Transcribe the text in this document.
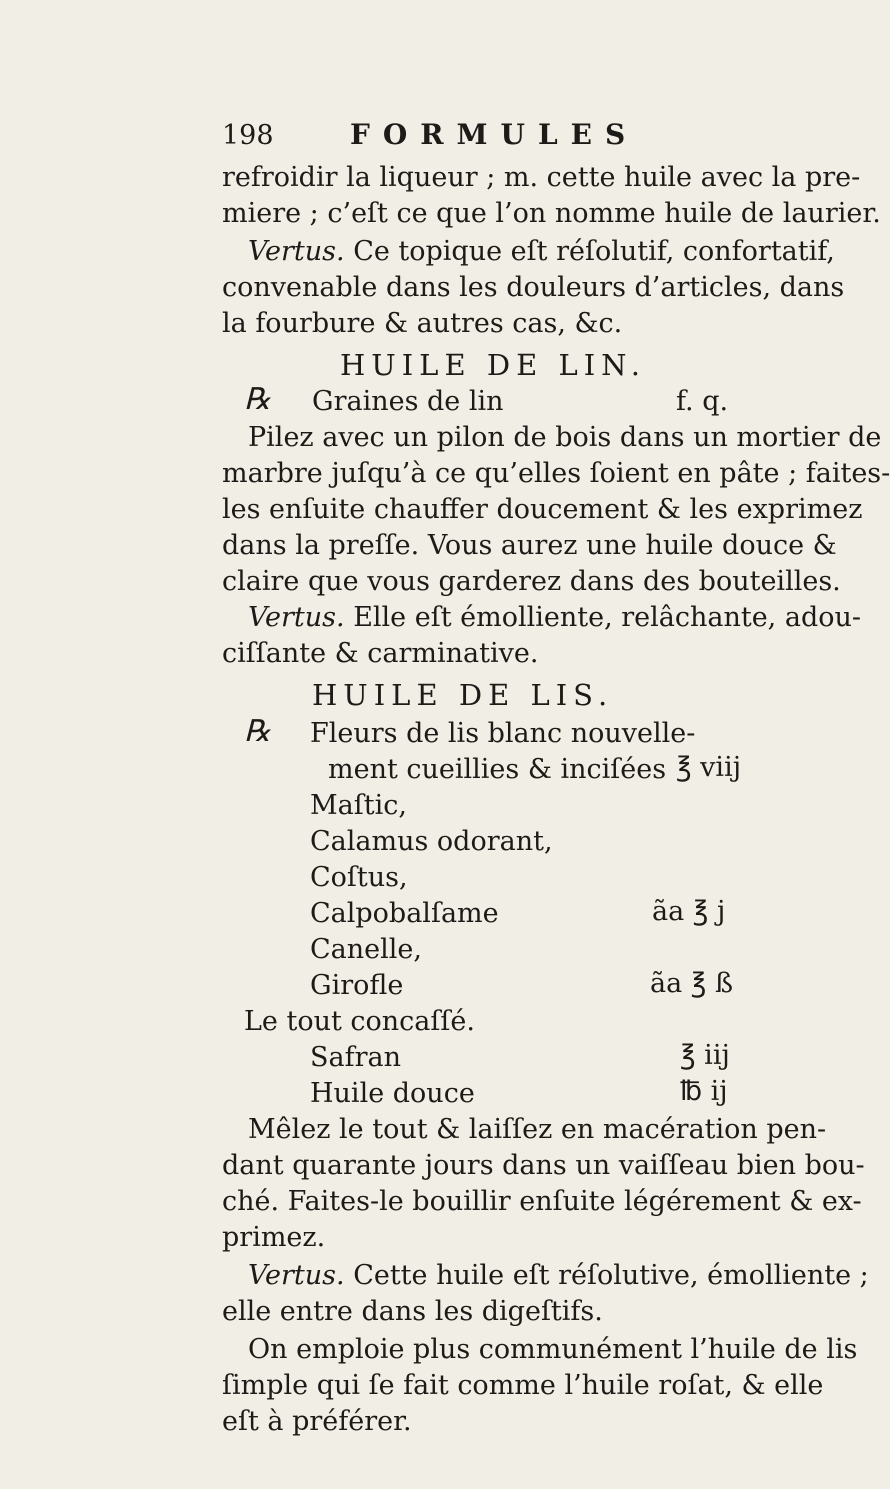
198	FORMULES
refroidir la liqueur ; m. cette huile avec la pre-
miere ; c’eſt ce que l’on nomme huile de laurier.
Vertus. Ce topique eſt réſolutif, confortatif,
convenable dans les douleurs d’articles, dans
la fourbure & autres cas, &c.
HUILE DE LIN.
℞ Graines de lin	f. q.
Pilez avec un pilon de bois dans un mortier de
marbre juſqu’à ce qu’elles ſoient en pâte ; faites-
les enſuite chauffer doucement & les exprimez
dans la preſſe. Vous aurez une huile douce &
claire que vous garderez dans des bouteilles.
Vertus. Elle eſt émolliente, relâchante, adou-
ciſſante & carminative.
HUILE DE LIS.
℞ Fleurs de lis blanc nouvelle-
ment cueillies & inciſées ℥ viij
Maſtic,
Calamus odorant,
Coſtus,
Calpobalſame	ãa ℥ j
Canelle,
Girofle	ãa ℥ ß
Le tout concaſſé.
Safran	℥ iij
Huile douce	℔ ij
Mêlez le tout & laiſſez en macération pen-
dant quarante jours dans un vaiſſeau bien bou-
ché. Faites-le bouillir enſuite légérement & ex-
primez.
Vertus. Cette huile eſt réſolutive, émolliente ;
elle entre dans les digeſtifs.
On emploie plus communément l’huile de lis
ſimple qui ſe fait comme l’huile roſat, & elle
eſt à préférer.
